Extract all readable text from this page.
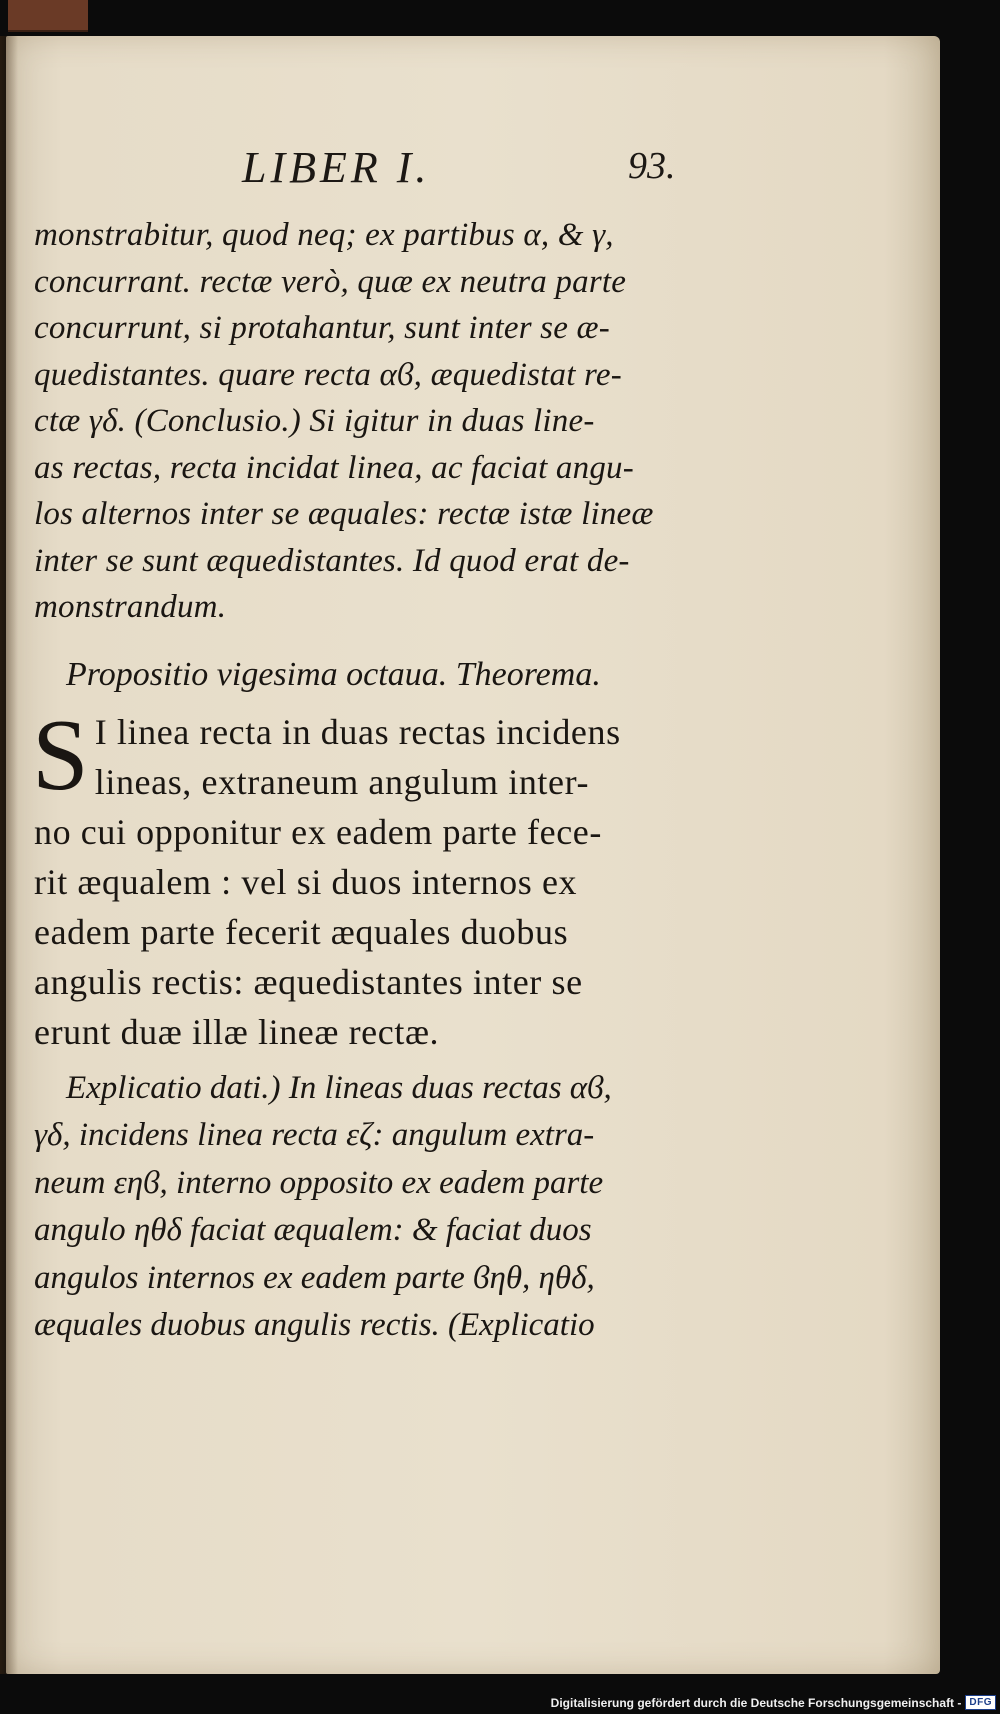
LIBER I.	93.
monstrabitur, quod neq; ex partibus α, & γ,
concurrant. rectæ verò, quæ ex neutra parte
concurrunt, si protahantur, sunt inter se æ-
quedistantes. quare recta αϐ, æquedistat re-
ctæ γδ. (Conclusio.) Si igitur in duas line-
as rectas, recta incidat linea, ac faciat angu-
los alternos inter se æquales: rectæ istæ lineæ
inter se sunt æquedistantes. Id quod erat de-
monstrandum.
Propositio vigesima octaua. Theorema.
S I linea recta in duas rectas incidens
lineas, extraneum angulum inter-
no cui opponitur ex eadem parte fece-
rit æqualem : vel si duos internos ex
eadem parte fecerit æquales duobus
angulis rectis: æquedistantes inter se
erunt duæ illæ lineæ rectæ.
Explicatio dati.) In lineas duas rectas αϐ,
γδ, incidens linea recta εζ: angulum extra-
neum εηϐ, interno opposito ex eadem parte
angulo ηθδ faciat æqualem: & faciat duos
angulos internos ex eadem parte ϐηθ, ηθδ,
æquales duobus angulis rectis. (Explicatio
Digitalisierung gefördert durch die Deutsche Forschungsgemeinschaft - DFG
